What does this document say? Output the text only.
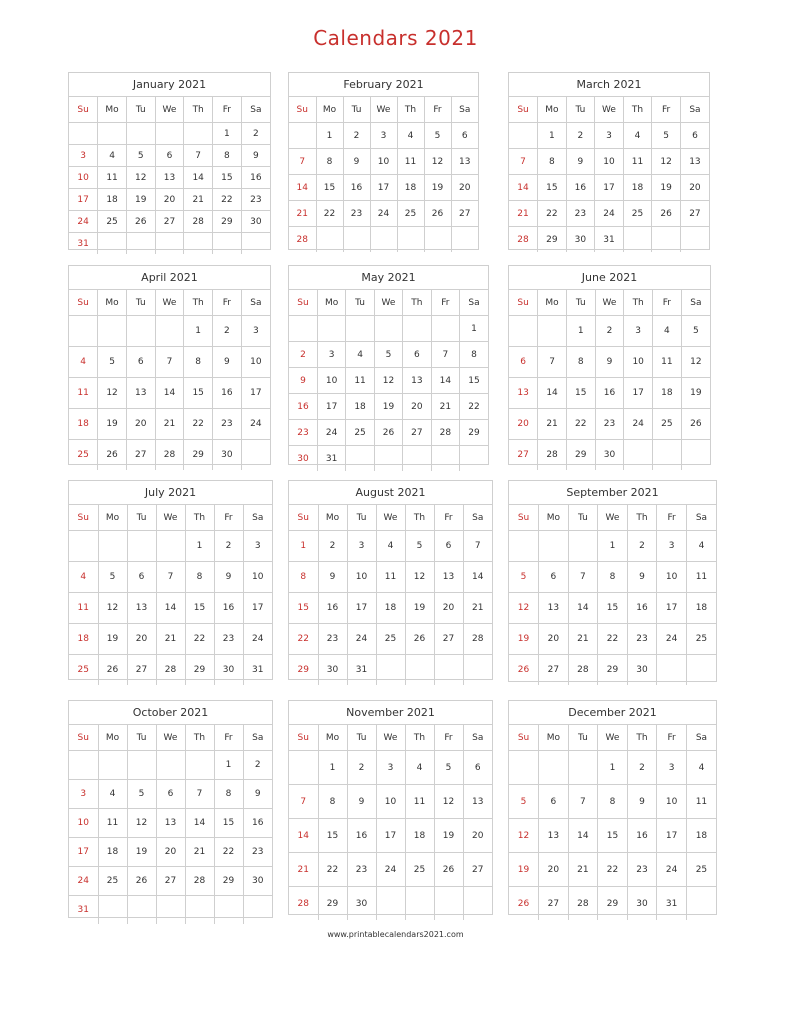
Calendars 2021
January 2021
Su	Mo	Tu	We	Th	Fr	Sa
					1	2
3	4	5	6	7	8	9
10	11	12	13	14	15	16
17	18	19	20	21	22	23
24	25	26	27	28	29	30
31						
February 2021
Su	Mo	Tu	We	Th	Fr	Sa
	1	2	3	4	5	6
7	8	9	10	11	12	13
14	15	16	17	18	19	20
21	22	23	24	25	26	27
28						
March 2021
Su	Mo	Tu	We	Th	Fr	Sa
	1	2	3	4	5	6
7	8	9	10	11	12	13
14	15	16	17	18	19	20
21	22	23	24	25	26	27
28	29	30	31			
April 2021
Su	Mo	Tu	We	Th	Fr	Sa
				1	2	3
4	5	6	7	8	9	10
11	12	13	14	15	16	17
18	19	20	21	22	23	24
25	26	27	28	29	30	
May 2021
Su	Mo	Tu	We	Th	Fr	Sa
						1
2	3	4	5	6	7	8
9	10	11	12	13	14	15
16	17	18	19	20	21	22
23	24	25	26	27	28	29
30	31					
June 2021
Su	Mo	Tu	We	Th	Fr	Sa
		1	2	3	4	5
6	7	8	9	10	11	12
13	14	15	16	17	18	19
20	21	22	23	24	25	26
27	28	29	30			
July 2021
Su	Mo	Tu	We	Th	Fr	Sa
				1	2	3
4	5	6	7	8	9	10
11	12	13	14	15	16	17
18	19	20	21	22	23	24
25	26	27	28	29	30	31
August 2021
Su	Mo	Tu	We	Th	Fr	Sa
1	2	3	4	5	6	7
8	9	10	11	12	13	14
15	16	17	18	19	20	21
22	23	24	25	26	27	28
29	30	31				
September 2021
Su	Mo	Tu	We	Th	Fr	Sa
			1	2	3	4
5	6	7	8	9	10	11
12	13	14	15	16	17	18
19	20	21	22	23	24	25
26	27	28	29	30		
October 2021
Su	Mo	Tu	We	Th	Fr	Sa
					1	2
3	4	5	6	7	8	9
10	11	12	13	14	15	16
17	18	19	20	21	22	23
24	25	26	27	28	29	30
31						
November 2021
Su	Mo	Tu	We	Th	Fr	Sa
	1	2	3	4	5	6
7	8	9	10	11	12	13
14	15	16	17	18	19	20
21	22	23	24	25	26	27
28	29	30				
December 2021
Su	Mo	Tu	We	Th	Fr	Sa
			1	2	3	4
5	6	7	8	9	10	11
12	13	14	15	16	17	18
19	20	21	22	23	24	25
26	27	28	29	30	31	
www.printablecalendars2021.com
